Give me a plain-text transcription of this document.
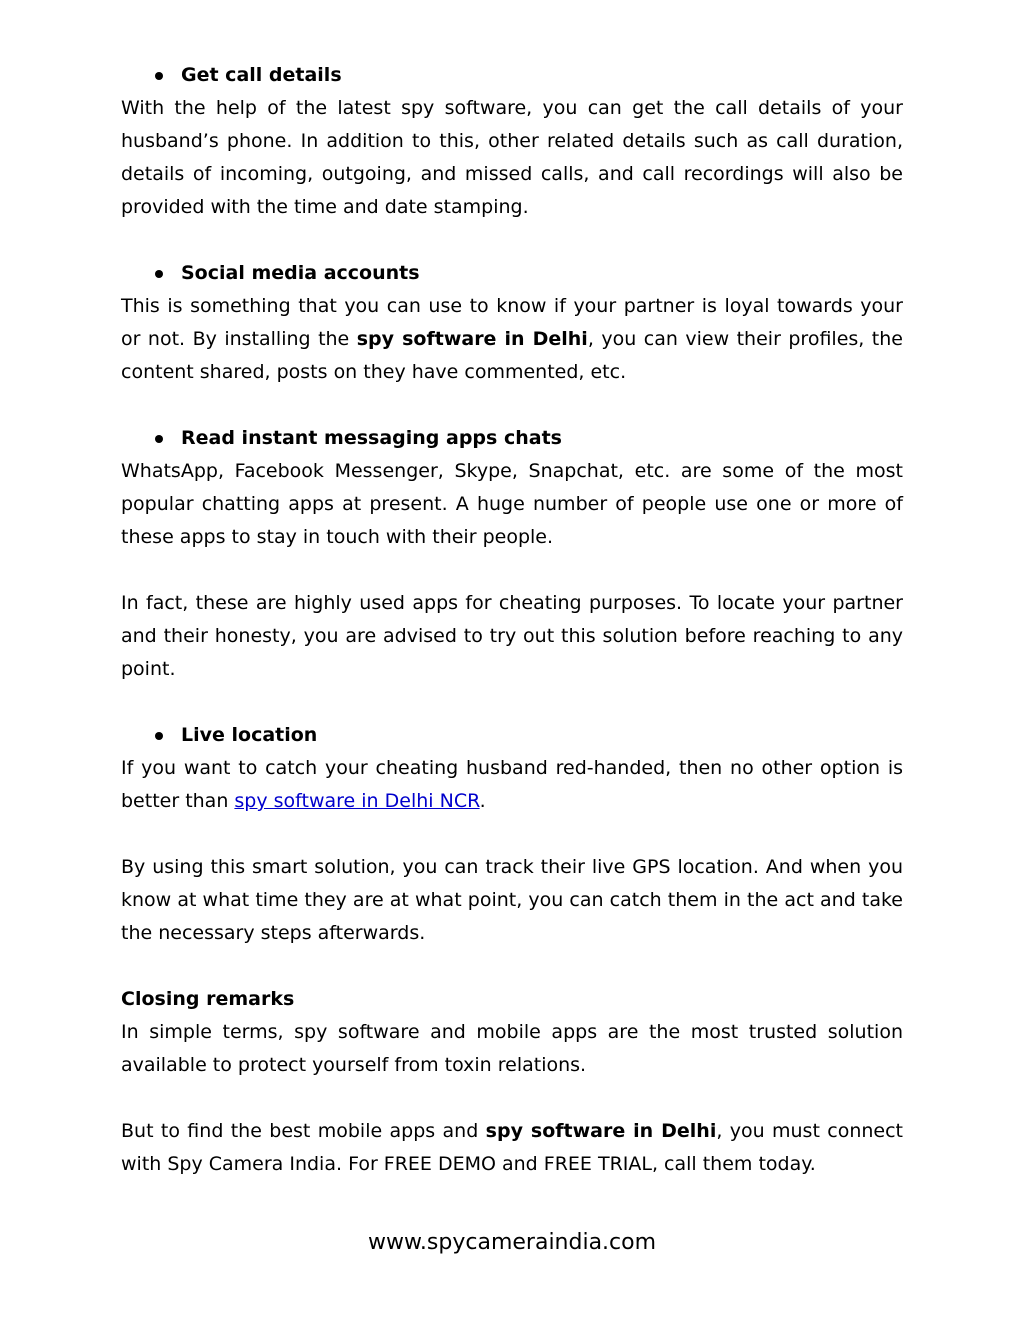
Get call details

With the help of the latest spy software, you can get the call details of your husband’s phone. In addition to this, other related details such as call duration, details of incoming, outgoing, and missed calls, and call recordings will also be provided with the time and date stamping.

Social media accounts

This is something that you can use to know if your partner is loyal towards your or not. By installing the spy software in Delhi, you can view their profiles, the content shared, posts on they have commented, etc.

Read instant messaging apps chats

WhatsApp, Facebook Messenger, Skype, Snapchat, etc. are some of the most popular chatting apps at present. A huge number of people use one or more of these apps to stay in touch with their people.

In fact, these are highly used apps for cheating purposes. To locate your partner and their honesty, you are advised to try out this solution before reaching to any point.

Live location

If you want to catch your cheating husband red-handed, then no other option is better than spy software in Delhi NCR.

By using this smart solution, you can track their live GPS location. And when you know at what time they are at what point, you can catch them in the act and take the necessary steps afterwards.

Closing remarks

In simple terms, spy software and mobile apps are the most trusted solution available to protect yourself from toxin relations.

But to find the best mobile apps and spy software in Delhi, you must connect with Spy Camera India. For FREE DEMO and FREE TRIAL, call them today.

www.spycameraindia.com
